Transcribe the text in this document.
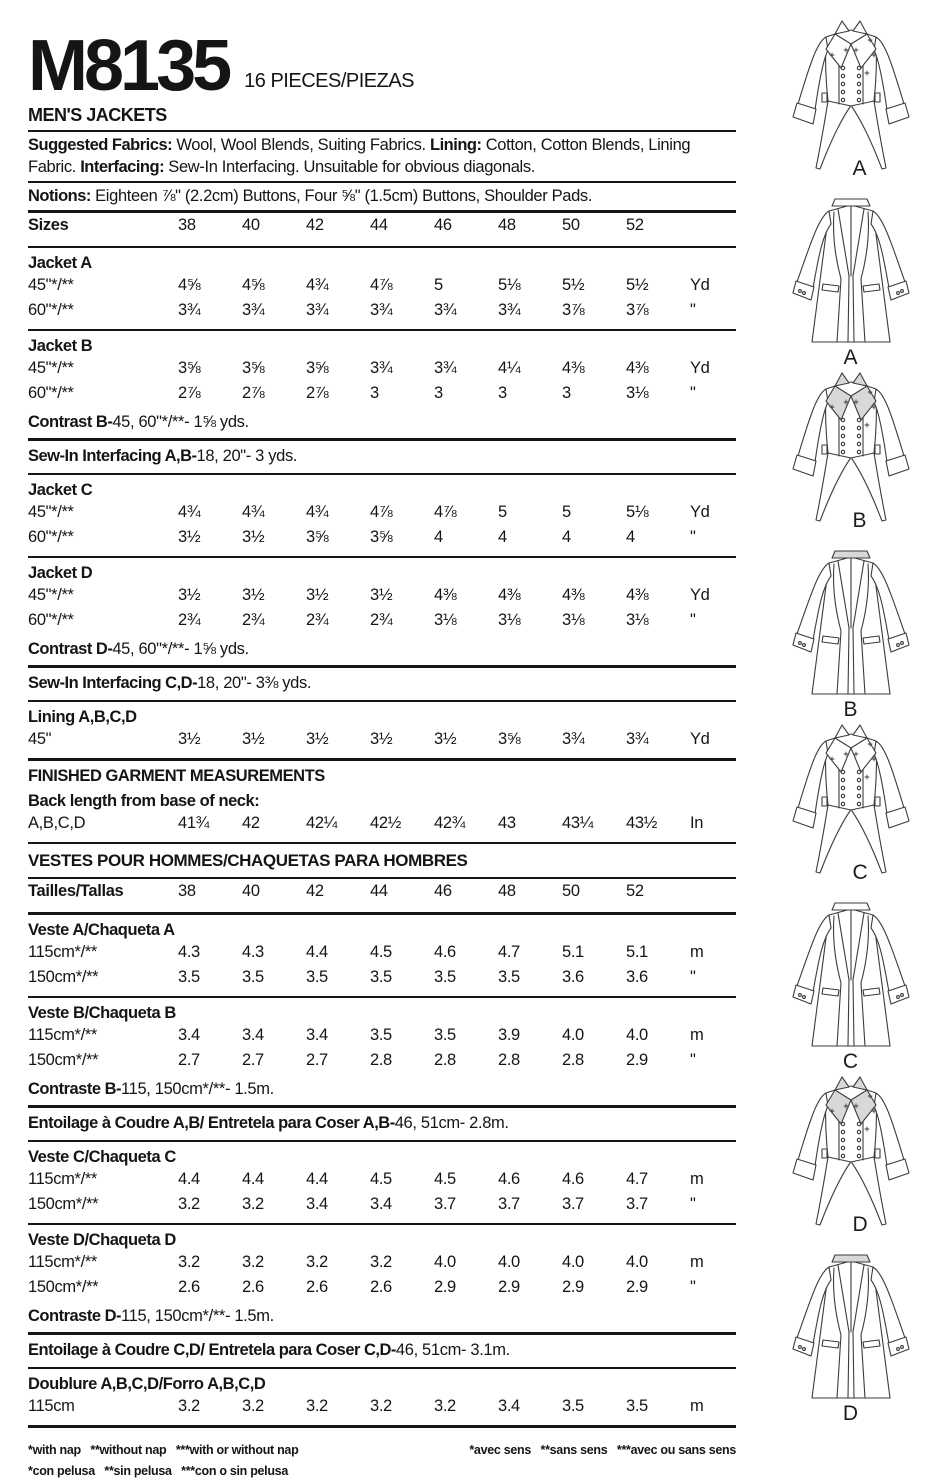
M8135 16 PIECES/PIEZAS
MEN'S JACKETS

Suggested Fabrics: Wool, Wool Blends, Suiting Fabrics. Lining: Cotton, Cotton Blends, Lining Fabric. Interfacing: Sew-In Interfacing. Unsuitable for obvious diagonals.

Notions: Eighteen ⅞" (2.2cm) Buttons, Four ⅝" (1.5cm) Buttons, Shoulder Pads.

Sizes	38	40	42	44	46	48	50	52
Jacket A
45"*/**	4⅝	4⅝	4¾	4⅞	5	5⅛	5½	5½	Yd
60"*/**	3¾	3¾	3¾	3¾	3¾	3¾	3⅞	3⅞	"
Jacket B
45"*/**	3⅝	3⅝	3⅝	3¾	3¾	4¼	4⅜	4⅜	Yd
60"*/**	2⅞	2⅞	2⅞	3	3	3	3	3⅛	"
Contrast B- 45, 60"*/**- 1⅝ yds.
Sew-In Interfacing A,B- 18, 20"- 3 yds.
Jacket C
45"*/**	4¾	4¾	4¾	4⅞	4⅞	5	5	5⅛	Yd
60"*/**	3½	3½	3⅝	3⅝	4	4	4	4	"
Jacket D
45"*/**	3½	3½	3½	3½	4⅜	4⅜	4⅜	4⅜	Yd
60"*/**	2¾	2¾	2¾	2¾	3⅛	3⅛	3⅛	3⅛	"
Contrast D- 45, 60"*/**- 1⅝ yds.
Sew-In Interfacing C,D- 18, 20"- 3⅜ yds.
Lining A,B,C,D
45"	3½	3½	3½	3½	3½	3⅝	3¾	3¾	Yd
FINISHED GARMENT MEASUREMENTS
Back length from base of neck:
A,B,C,D	41¾	42	42¼	42½	42¾	43	43¼	43½	In
VESTES POUR HOMMES/CHAQUETAS PARA HOMBRES
Tailles/Tallas	38	40	42	44	46	48	50	52
Veste A/Chaqueta A
115cm*/**	4.3	4.3	4.4	4.5	4.6	4.7	5.1	5.1	m
150cm*/**	3.5	3.5	3.5	3.5	3.5	3.5	3.6	3.6	"
Veste B/Chaqueta B
115cm*/**	3.4	3.4	3.4	3.5	3.5	3.9	4.0	4.0	m
150cm*/**	2.7	2.7	2.7	2.8	2.8	2.8	2.8	2.9	"
Contraste B- 115, 150cm*/**- 1.5m.
Entoilage à Coudre A,B/ Entretela para Coser A,B- 46, 51cm- 2.8m.
Veste C/Chaqueta C
115cm*/**	4.4	4.4	4.4	4.5	4.5	4.6	4.6	4.7	m
150cm*/**	3.2	3.2	3.4	3.4	3.7	3.7	3.7	3.7	"
Veste D/Chaqueta D
115cm*/**	3.2	3.2	3.2	3.2	4.0	4.0	4.0	4.0	m
150cm*/**	2.6	2.6	2.6	2.6	2.9	2.9	2.9	2.9	"
Contraste D- 115, 150cm*/**- 1.5m.
Entoilage à Coudre C,D/ Entretela para Coser C,D- 46, 51cm- 3.1m.
Doublure A,B,C,D/Forro A,B,C,D
115cm	3.2	3.2	3.2	3.2	3.2	3.4	3.5	3.5	m
*with nap   **without nap   ***with or without nap
*con pelusa   **sin pelusa   ***con o sin pelusa
*avec sens   **sans sens   ***avec ou sans sens
A
A
B
B
C
C
D
D
